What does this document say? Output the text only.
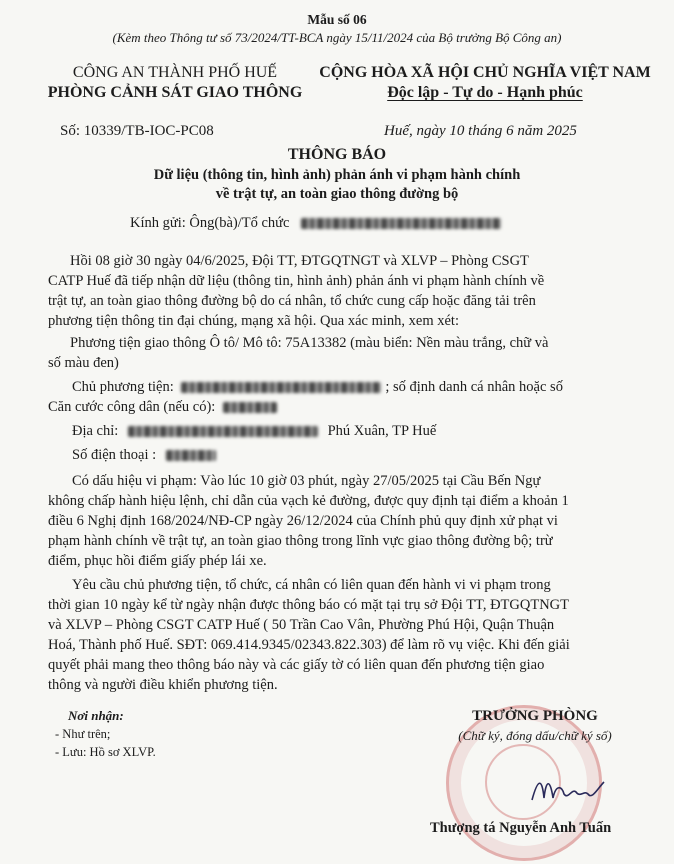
Mẫu số 06
(Kèm theo Thông tư số 73/2024/TT-BCA ngày 15/11/2024 của Bộ trưởng Bộ Công an)
CÔNG AN THÀNH PHỐ HUẾ
PHÒNG CẢNH SÁT GIAO THÔNG
CỘNG HÒA XÃ HỘI CHỦ NGHĨA VIỆT NAM
Độc lập - Tự do - Hạnh phúc
Số: 10339/TB-IOC-PC08	Huế, ngày 10 tháng 6 năm 2025
THÔNG BÁO
Dữ liệu (thông tin, hình ảnh) phản ánh vi phạm hành chính
về trật tự, an toàn giao thông đường bộ
Kính gửi: Ông(bà)/Tổ chức
Hồi 08 giờ 30 ngày 04/6/2025, Đội TT, ĐTGQTNGT và XLVP – Phòng CSGT
CATP Huế đã tiếp nhận dữ liệu (thông tin, hình ảnh) phản ánh vi phạm hành chính về
trật tự, an toàn giao thông đường bộ do cá nhân, tổ chức cung cấp hoặc đăng tải trên
phương tiện thông tin đại chúng, mạng xã hội. Qua xác minh, xem xét:
Phương tiện giao thông Ô tô/ Mô tô: 75A13382 (màu biển: Nền màu trắng, chữ và
số màu đen)
Chủ phương tiện:	; số định danh cá nhân hoặc số
Căn cước công dân (nếu có):
Địa chỉ:	Phú Xuân, TP Huế
Số điện thoại :
Có dấu hiệu vi phạm: Vào lúc 10 giờ 03 phút, ngày 27/05/2025 tại Cầu Bến Ngự
không chấp hành hiệu lệnh, chỉ dẫn của vạch kẻ đường, được quy định tại điểm a khoản 1
điều 6 Nghị định 168/2024/NĐ-CP ngày 26/12/2024 của Chính phủ quy định xử phạt vi
phạm hành chính về trật tự, an toàn giao thông trong lĩnh vực giao thông đường bộ; trừ
điểm, phục hồi điểm giấy phép lái xe.
Yêu cầu chủ phương tiện, tổ chức, cá nhân có liên quan đến hành vi vi phạm trong
thời gian 10 ngày kể từ ngày nhận được thông báo có mặt tại trụ sở Đội TT, ĐTGQTNGT
và XLVP – Phòng CSGT CATP Huế ( 50 Trần Cao Vân, Phường Phú Hội, Quận Thuận
Hoá, Thành phố Huế. SĐT: 069.414.9345/02343.822.303) để làm rõ vụ việc. Khi đến giải
quyết phải mang theo thông báo này và các giấy tờ có liên quan đến phương tiện giao
thông và người điều khiển phương tiện.
Nơi nhận:
- Như trên;
- Lưu: Hồ sơ XLVP.
TRƯỞNG PHÒNG
(Chữ ký, đóng dấu/chữ ký số)
Thượng tá Nguyễn Anh Tuấn
